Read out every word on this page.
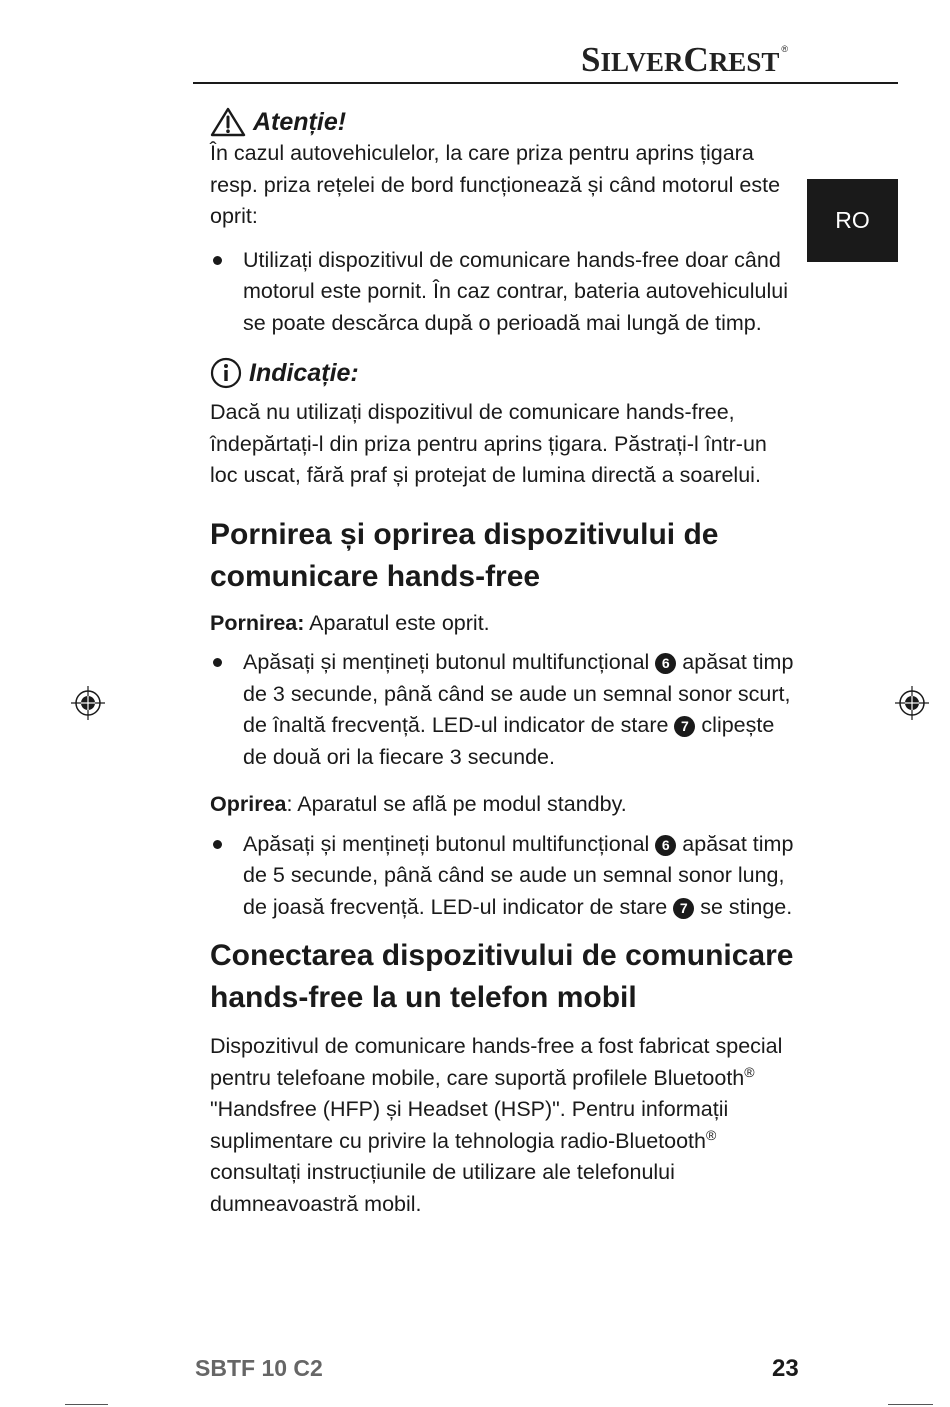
SILVERCREST ®
RO
Atenție!

În cazul autovehiculelor, la care priza pentru aprins țigara resp. priza rețelei de bord funcționează și când motorul este oprit:

Utilizați dispozitivul de comunicare hands-free doar când motorul este pornit. În caz contrar, bateria autovehiculului se poate descărca după o perioadă mai lungă de timp.
Indicație:

Dacă nu utilizați dispozitivul de comunicare hands-free, îndepărtați-l din priza pentru aprins țigara. Păstrați-l într-un loc uscat, fără praf și protejat de lumina directă a soarelui.

Pornirea și oprirea dispozitivului de comunicare hands-free

Pornirea: Aparatul este oprit.

Apăsați și mențineți butonul multifuncțional 6 apăsat timp de 3 secunde, până când se aude un semnal sonor scurt, de înaltă frecvență. LED-ul indicator de stare 7 clipește de două ori la fiecare 3 secunde.

Oprirea: Aparatul se află pe modul standby.

Apăsați și mențineți butonul multifuncțional 6 apăsat timp de 5 secunde, până când se aude un semnal sonor lung, de joasă frecvență. LED-ul indicator de stare 7 se stinge.
Conectarea dispozitivului de comunicare hands-free la un telefon mobil

Dispozitivul de comunicare hands-free a fost fabricat special pentru telefoane mobile, care suportă profilele Bluetooth® "Handsfree (HFP) și Headset (HSP)". Pentru informații suplimentare cu privire la tehnologia radio-Bluetooth® consultați instrucțiunile de utilizare ale telefonului dumneavoastră mobil.

SBTF 10 C2	23
